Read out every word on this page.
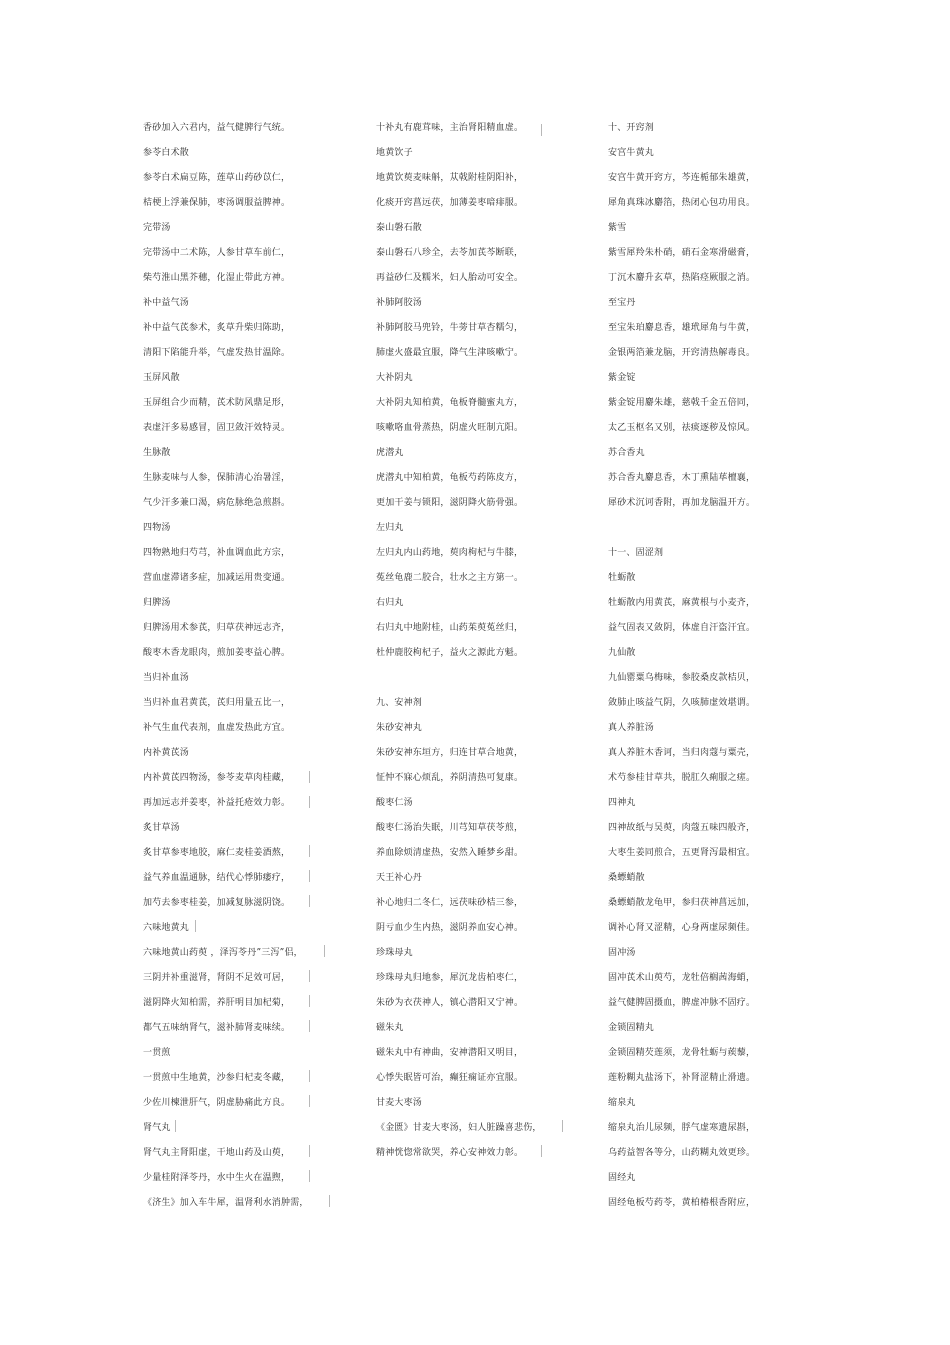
香砂加入六君内，益气健脾行气统。
参苓白术散
参苓白术扁豆陈，莲草山药砂苡仁，
桔梗上浮兼保肺，枣汤调服益脾神。
完带汤
完带汤中二术陈，人参甘草车前仁，
柴芍淮山黑芥穗，化湿止带此方神。
补中益气汤
补中益气芪参术，炙草升柴归陈助，
清阳下陷能升举，气虚发热甘温除。
玉屏风散
玉屏组合少而精，芪术防风鼎足形，
表虚汗多易感冒，固卫敛汗效特灵。
生脉散
生脉麦味与人参，保肺清心治暑淫，
气少汗多兼口渴，病危脉绝急煎斟。
四物汤
四物熟地归芍芎，补血调血此方宗，
营血虚滞诸多症，加减运用贵变通。
归脾汤
归脾汤用术参芪，归草茯神远志齐，
酸枣木香龙眼肉，煎加姜枣益心脾。
当归补血汤
当归补血君黄芪，芪归用量五比一，
补气生血代表剂，血虚发热此方宜。
内补黄芪汤
内补黄芪四物汤，参苓麦草肉桂藏，
再加远志并姜枣，补益托疮效力彰。
炙甘草汤
炙甘草参枣地胶，麻仁麦桂姜酒熬，
益气养血温通脉，结代心悸肺痿疗，
加芍去参枣桂姜，加减复脉滋阴饶。
六味地黄丸
六味地黄山药萸 ，泽泻苓丹”三泻”侣，
三阴并补重滋肾，肾阴不足效可居，
滋阴降火知柏需，养肝明目加杞菊，
都气五味纳肾气，滋补肺肾麦味续。
一贯煎
一贯煎中生地黄，沙参归杞麦冬藏，
少佐川楝泄肝气，阴虚胁痛此方良。
肾气丸
肾气丸主肾阳虚，干地山药及山萸，
少量桂附泽苓丹，水中生火在温煦，
《济生》加入车牛犀，温肾利水消肿需，
十补丸有鹿茸味，主治肾阳精血虚。
地黄饮子
地黄饮萸麦味斛，苁戟附桂阴阳补，
化痰开窍菖远茯，加薄姜枣喑痱服。
泰山磐石散
泰山磐石八珍全，去苓加芪芩断联，
再益砂仁及糯米，妇人胎动可安全。
补肺阿胶汤
补肺阿胶马兜铃，牛蒡甘草杏糯匀，
肺虚火盛最宜服，降气生津咳嗽宁。
大补阴丸
大补阴丸知柏黄，龟板脊髓蜜丸方，
咳嗽咯血骨蒸热，阴虚火旺制亢阳。
虎潜丸
虎潜丸中知柏黄，龟板芍药陈皮方，
更加干姜与锁阳，滋阴降火筋骨强。
左归丸
左归丸内山药地，萸肉枸杞与牛膝，
菟丝龟鹿二胶合，壮水之主方第一。
右归丸
右归丸中地附桂，山药茱萸菟丝归，
杜仲鹿胶枸杞子，益火之源此方魁。
九、安神剂
朱砂安神丸
朱砂安神东垣方，归连甘草合地黄，
怔忡不寐心烦乱，养阴清热可复康。
酸枣仁汤
酸枣仁汤治失眠，川芎知草茯苓煎，
养血除烦清虚热，安然入睡梦乡甜。
天王补心丹
补心地归二冬仁，远茯味砂桔三参，
阴亏血少生内热，滋阴养血安心神。
珍珠母丸
珍珠母丸归地参，犀沉龙齿柏枣仁，
朱砂为衣茯神人，镇心潜阳又宁神。
磁朱丸
磁朱丸中有神曲，安神潜阳又明目，
心悸失眠皆可治，癫狂痫证亦宜服。
甘麦大枣汤
《金匮》甘麦大枣汤，妇人脏躁喜悲伤，
精神恍惚常欲哭，养心安神效力彰。
十、开窍剂
安宫牛黄丸
安宫牛黄开窍方，芩连栀郁朱雄黄，
犀角真珠冰麝箔，热闭心包功用良。
紫雪
紫雪犀羚朱朴硝，硝石金寒滑磁膏，
丁沉木麝升玄草，热陷痉厥服之消。
至宝丹
至宝朱珀麝息香，雄玳犀角与牛黄，
金银两箔兼龙脑，开窍清热解毒良。
紫金锭
紫金锭用麝朱雄，慈戟千金五倍同，
太乙玉枢名又别，祛痰逐秽及惊风。
苏合香丸
苏合香丸麝息香，木丁熏陆荜檀襄，
犀砂术沉诃香附，再加龙脑温开方。
十一、固涩剂
牡蛎散
牡蛎散内用黄芪，麻黄根与小麦齐，
益气固表又敛阴，体虚自汗盗汗宜。
九仙散
九仙罂粟乌梅味，参胶桑皮款桔贝，
敛肺止咳益气阴，久咳肺虚效堪谓。
真人养脏汤
真人养脏木香诃，当归肉蔻与粟壳，
术芍参桂甘草共，脱肛久痢服之瘥。
四神丸
四神故纸与吴萸，肉蔻五味四般齐，
大枣生姜同煎合，五更肾泻最相宜。
桑螵蛸散
桑螵蛸散龙龟甲，参归茯神菖远加，
调补心肾又涩精，心身两虚尿频佳。
固冲汤
固冲芪术山萸芍，龙牡倍榈茜海蛸，
益气健脾固摄血，脾虚冲脉不固疗。
金锁固精丸
金锁固精芡莲须，龙骨牡蛎与蒺藜，
莲粉糊丸盐汤下，补肾涩精止滑遗。
缩泉丸
缩泉丸治儿尿频，脬气虚寒遗尿斟，
乌药益智各等分，山药糊丸效更珍。
固经丸
固经龟板芍药苓，黄柏椿根香附应，
